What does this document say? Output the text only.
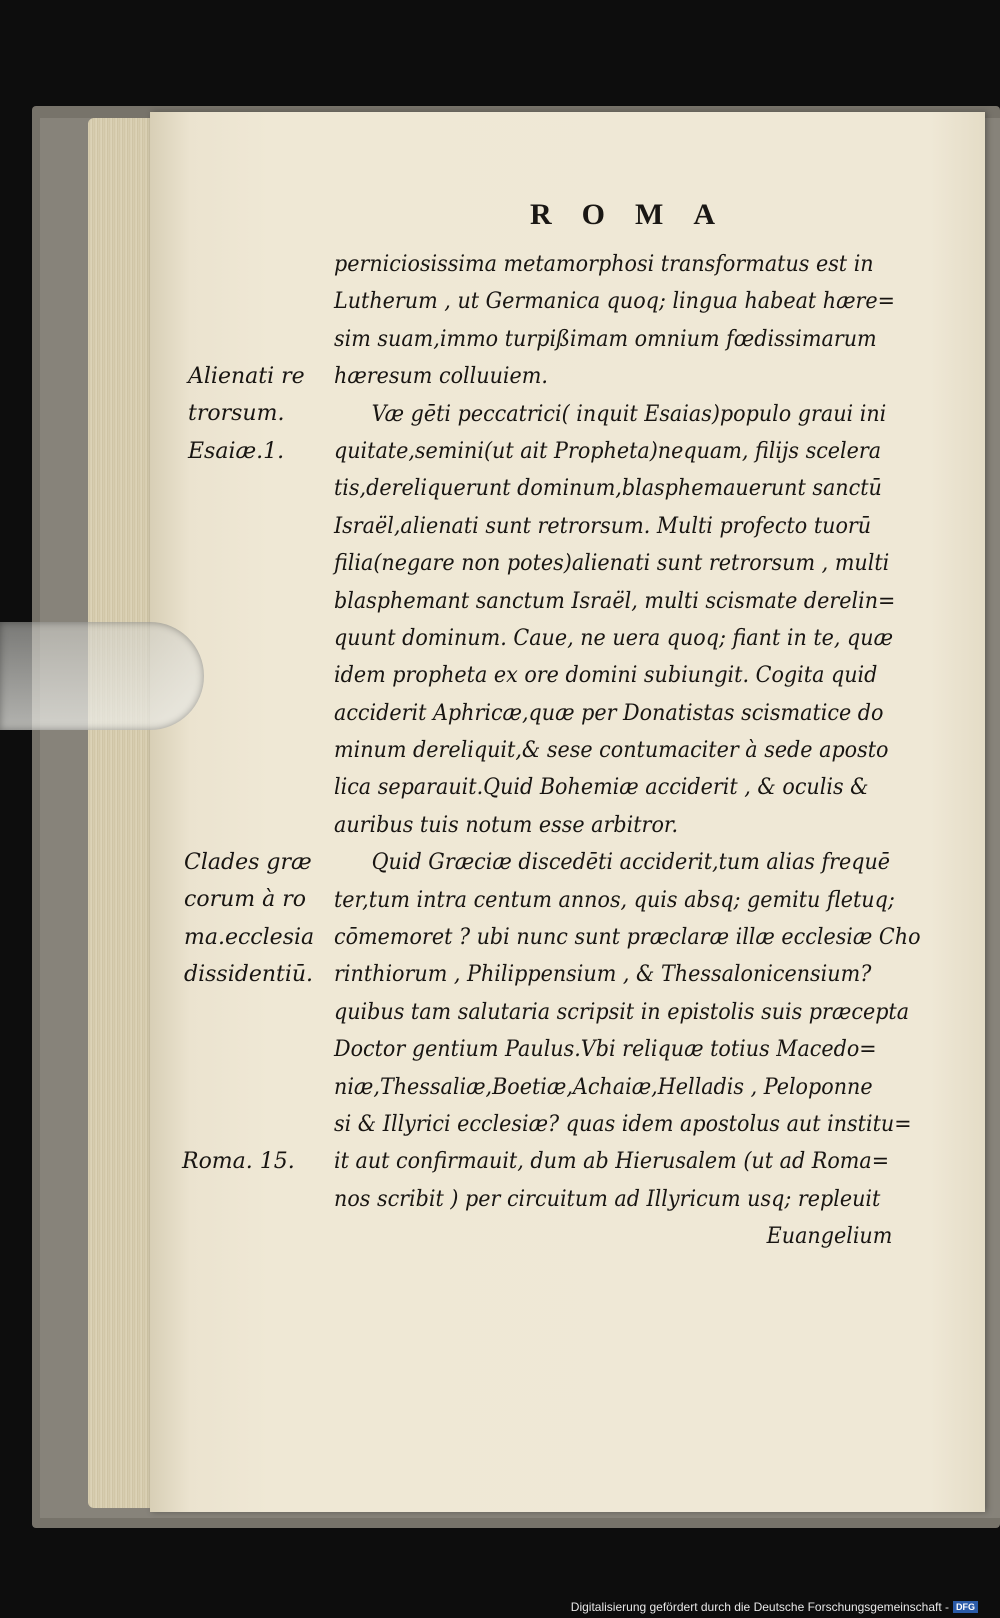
ROMA
perniciosissima metamorphosi transformatus est in
Lutherum , ut Germanica quoq; lingua habeat hære=
sim suam,immo turpißimam omnium fœdissimarum
hæresum colluuiem.
Væ gēti peccatrici( inquit Esaias)populo graui ini
quitate,semini(ut ait Propheta)nequam, filijs scelera
tis,dereliquerunt dominum,blasphemauerunt sanctū
Israël,alienati sunt retrorsum. Multi profecto tuorū
filia(negare non potes)alienati sunt retrorsum , multi
blasphemant sanctum Israël, multi scismate derelin=
quunt dominum. Caue, ne uera quoq; fiant in te, quæ
idem propheta ex ore domini subiungit. Cogita quid
acciderit Aphricæ,quæ per Donatistas scismatice do
minum dereliquit,& sese contumaciter à sede aposto
lica separauit.Quid Bohemiæ acciderit , & oculis &
auribus tuis notum esse arbitror.
Quid Græciæ discedēti acciderit,tum alias frequē
ter,tum intra centum annos, quis absq; gemitu fletuq;
cōmemoret ? ubi nunc sunt præclaræ illæ ecclesiæ Cho
rinthiorum , Philippensium , & Thessalonicensium?
quibus tam salutaria scripsit in epistolis suis præcepta
Doctor gentium Paulus.Vbi reliquæ totius Macedo=
niæ,Thessaliæ,Boetiæ,Achaiæ,Helladis , Peloponne
si & Illyrici ecclesiæ? quas idem apostolus aut institu=
it aut confirmauit, dum ab Hierusalem (ut ad Roma=
nos scribit ) per circuitum ad Illyricum usq; repleuit
Euangelium
Alienati re
trorsum.
Esaiæ.1.
Clades græ
corum à ro
ma.ecclesia
dissidentiū.
Roma. 15.
Digitalisierung gefördert durch die Deutsche Forschungsgemeinschaft - DFG
